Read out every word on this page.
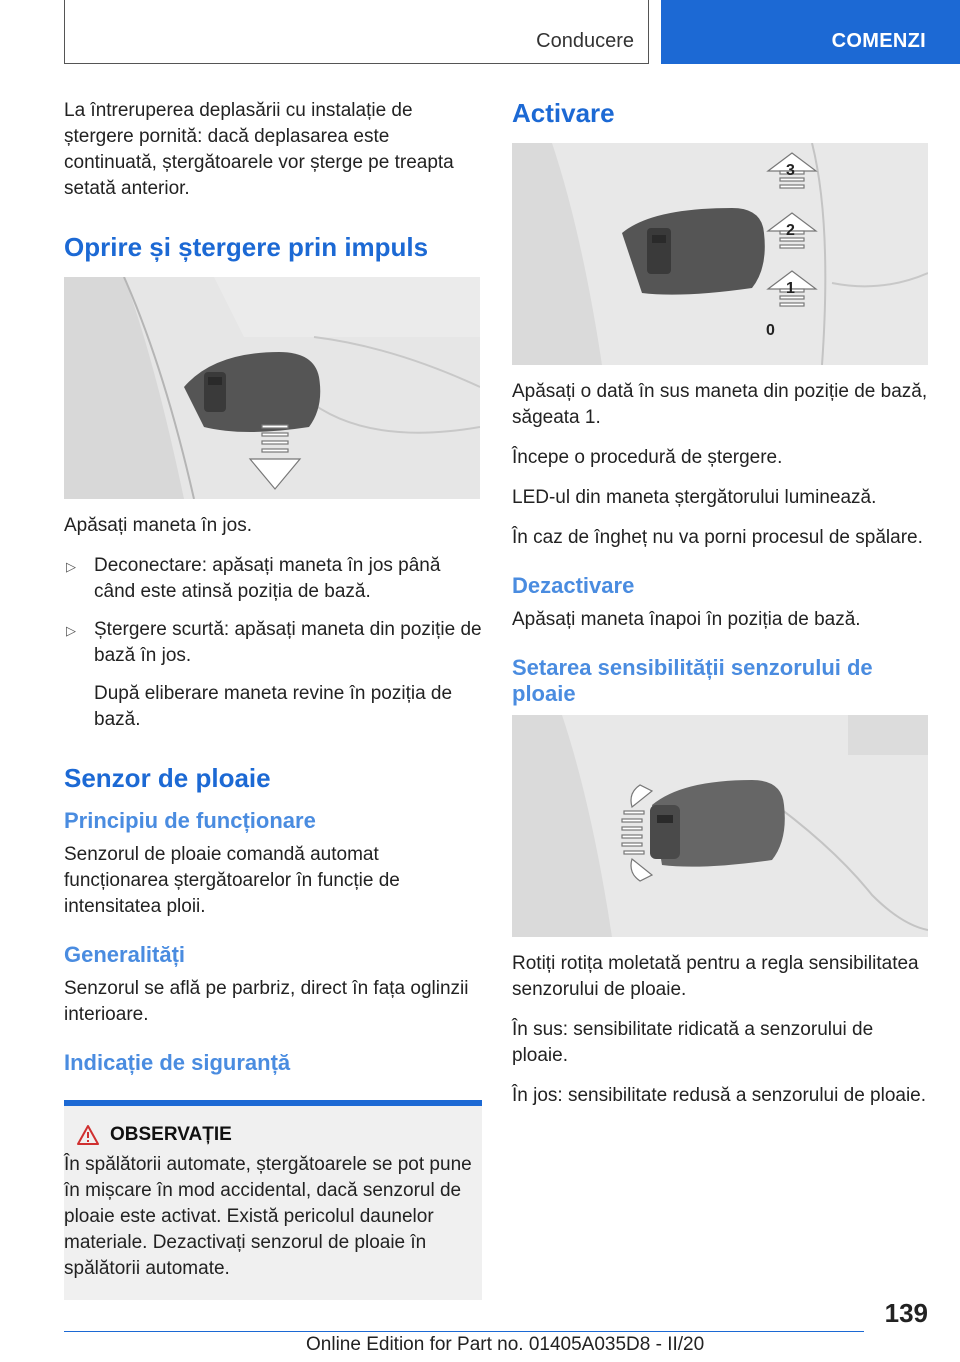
Conducere	COMENZI

La întreruperea deplasării cu instalație de ștergere pornită: dacă deplasarea este continuată, ștergătoarele vor șterge pe treapta setată anterior.

Oprire și ștergere prin impuls

Apăsați maneta în jos.

▷ Deconectare: apăsați maneta în jos până când este atinsă poziția de bază.
▷ Ștergere scurtă: apăsați maneta din poziție de bază în jos.

După eliberare maneta revine în poziția de bază.

Senzor de ploaie
Principiu de funcționare

Senzorul de ploaie comandă automat funcționarea ștergătoarelor în funcție de intensitatea ploii.

Generalități

Senzorul se află pe parbriz, direct în fața oglinzii interioare.

Indicație de siguranță
OBSERVAȚIE

În spălătorii automate, ștergătoarele se pot pune în mișcare în mod accidental, dacă senzorul de ploaie este activat. Există pericolul daunelor materiale. Dezactivați senzorul de ploaie în spălătorii automate.

Activare
3
2
1
0

Apăsați o dată în sus maneta din poziție de bază, săgeata 1.

Începe o procedură de ștergere.

LED-ul din maneta ștergătorului luminează.

În caz de îngheț nu va porni procesul de spălare.

Dezactivare

Apăsați maneta înapoi în poziția de bază.

Setarea sensibilității senzorului de ploaie

Rotiți rotița moletată pentru a regla sensibilitatea senzorului de ploaie.

În sus: sensibilitate ridicată a senzorului de ploaie.

În jos: sensibilitate redusă a senzorului de ploaie.

139
Online Edition for Part no. 01405A035D8 - II/20
